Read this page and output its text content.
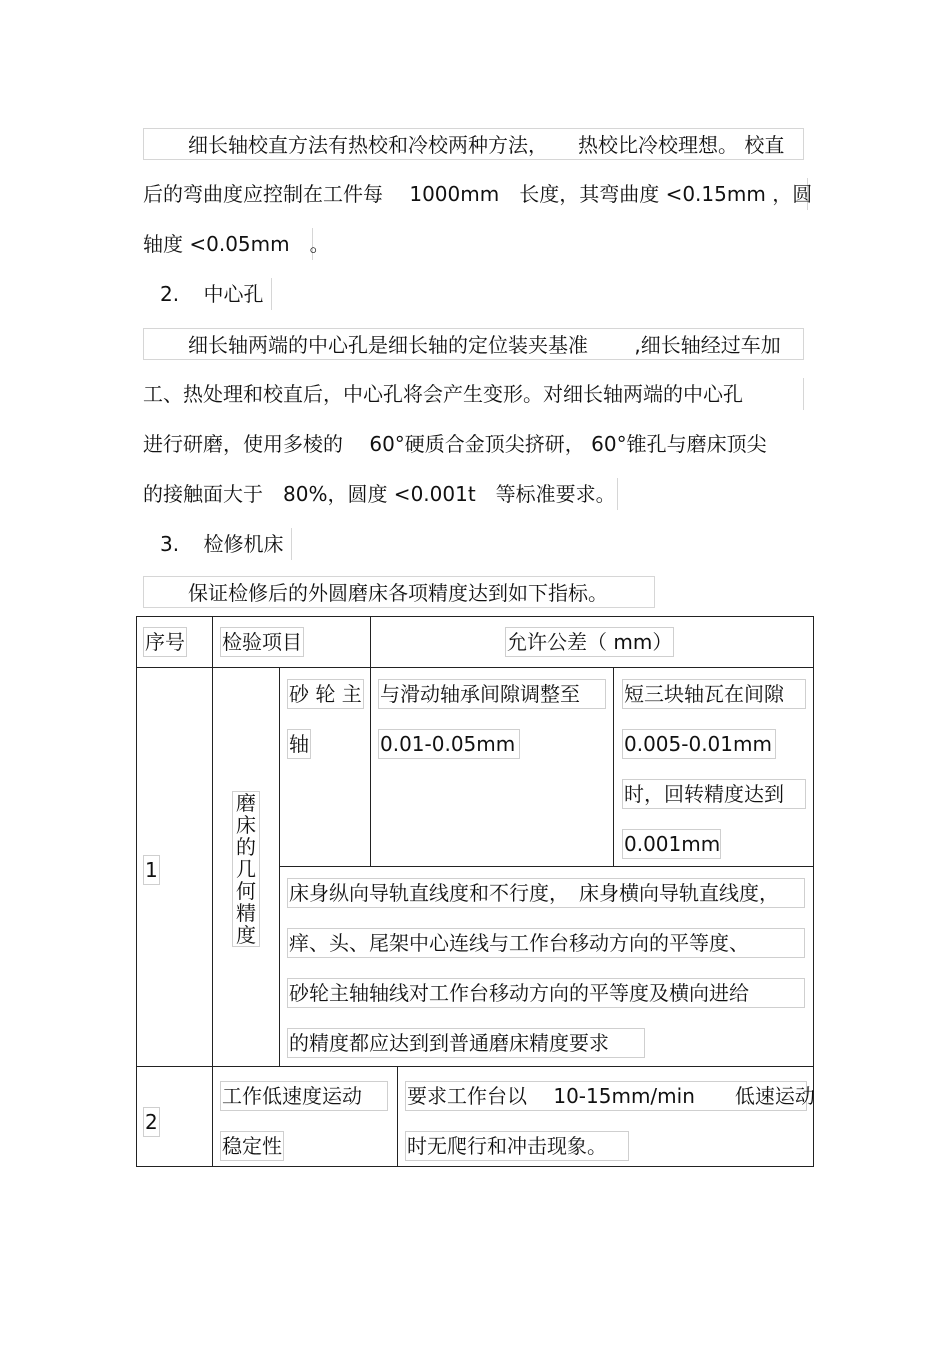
细长轴校直方法有热校和冷校两种方法，　　热校比冷校理想。 校直
后的弯曲度应控制在工件每　 1000mm　长度，其弯曲度 <0.15mm ，圆
轴度 <0.05mm　。
2. 中心孔
细长轴两端的中心孔是细长轴的定位装夹基准　　 ,细长轴经过车加
工、热处理和校直后，中心孔将会产生变形。对细长轴两端的中心孔
进行研磨，使用多棱的　 60°硬质合金顶尖挤研， 60°锥孔与磨床顶尖
的接触面大于　80%，圆度 <0.001t　等标准要求。
3. 检修机床
保证检修后的外圆磨床各项精度达到如下指标。
序号 检验项目	允许公差（ mm）
1
磨床的几何精度
砂 轮 主
轴
与滑动轴承间隙调整至
0.01-0.05mm
短三块轴瓦在间隙
0.005-0.01mm
时，回转精度达到
0.001mm
床身纵向导轨直线度和不行度，　床身横向导轨直线度，
痒、头、尾架中心连线与工作台移动方向的平等度、
砂轮主轴轴线对工作台移动方向的平等度及横向进给
的精度都应达到到普通磨床精度要求
2
工作低速度运动
稳定性
要求工作台以　 10-15mm/min　　低速运动
时无爬行和冲击现象。
